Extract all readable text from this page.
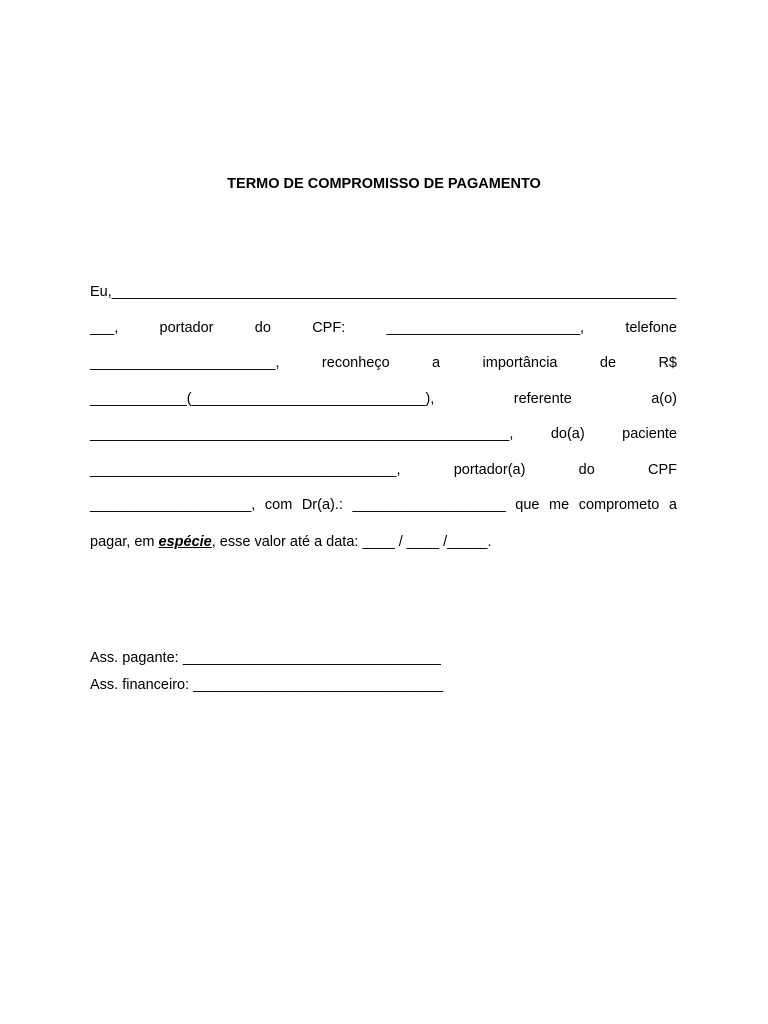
TERMO DE COMPROMISSO DE PAGAMENTO
Eu,______________________________________________________________________
___,	portador	do	CPF:	________________________,	telefone
_______________________,	reconheço	a	importância	de	R$
____________(_____________________________),	referente	a(o)
____________________________________________________,	do(a)	paciente
______________________________________,	portador(a)	do	CPF
____________________, com Dr(a).: ___________________ que me comprometo a
pagar, em espécie, esse valor até a data: ____ / ____ /_____.
Ass. pagante: ________________________________
Ass. financeiro: _______________________________
